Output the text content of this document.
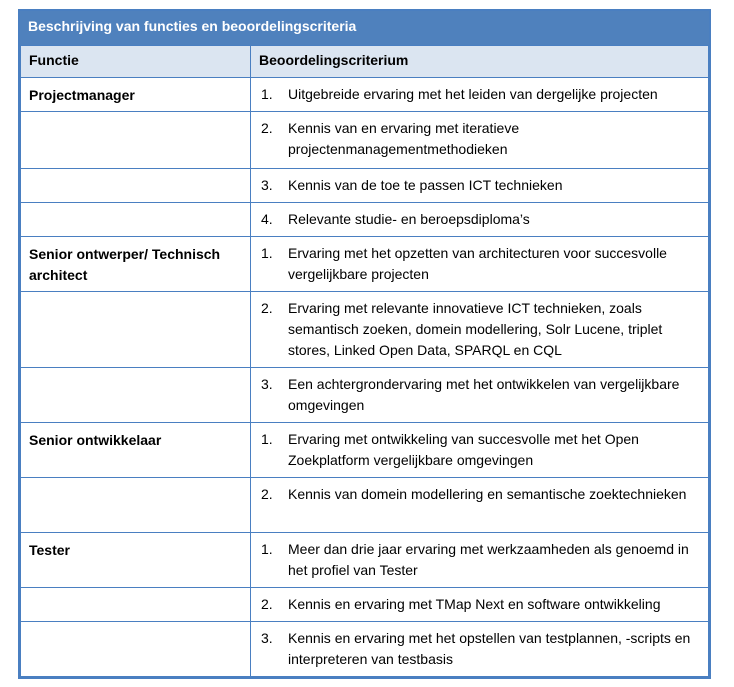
Beschrijving van functies en beoordelingscriteria
Functie	Beoordelingscriterium
Projectmanager	1. Uitgebreide ervaring met het leiden van dergelijke projecten

	2. Kennis van en ervaring met iteratieve projectenmanagementmethodieken

	3. Kennis van de toe te passen ICT technieken

	4. Relevante studie- en beroepsdiploma’s

Senior ontwerper/ Technisch architect	1. Ervaring met het opzetten van architecturen voor succesvolle vergelijkbare projecten

	2. Ervaring met relevante innovatieve ICT technieken, zoals semantisch zoeken, domein modellering, Solr Lucene, triplet stores, Linked Open Data, SPARQL en CQL

	3. Een achtergrondervaring met het ontwikkelen van vergelijkbare omgevingen

Senior ontwikkelaar	1. Ervaring met ontwikkeling van succesvolle met het Open Zoekplatform vergelijkbare omgevingen

	2. Kennis van domein modellering en semantische zoektechnieken

Tester	1. Meer dan drie jaar ervaring met werkzaamheden als genoemd in het profiel van Tester

	2. Kennis en ervaring met TMap Next en software ontwikkeling

	3. Kennis en ervaring met het opstellen van testplannen, -scripts en interpreteren van testbasis
